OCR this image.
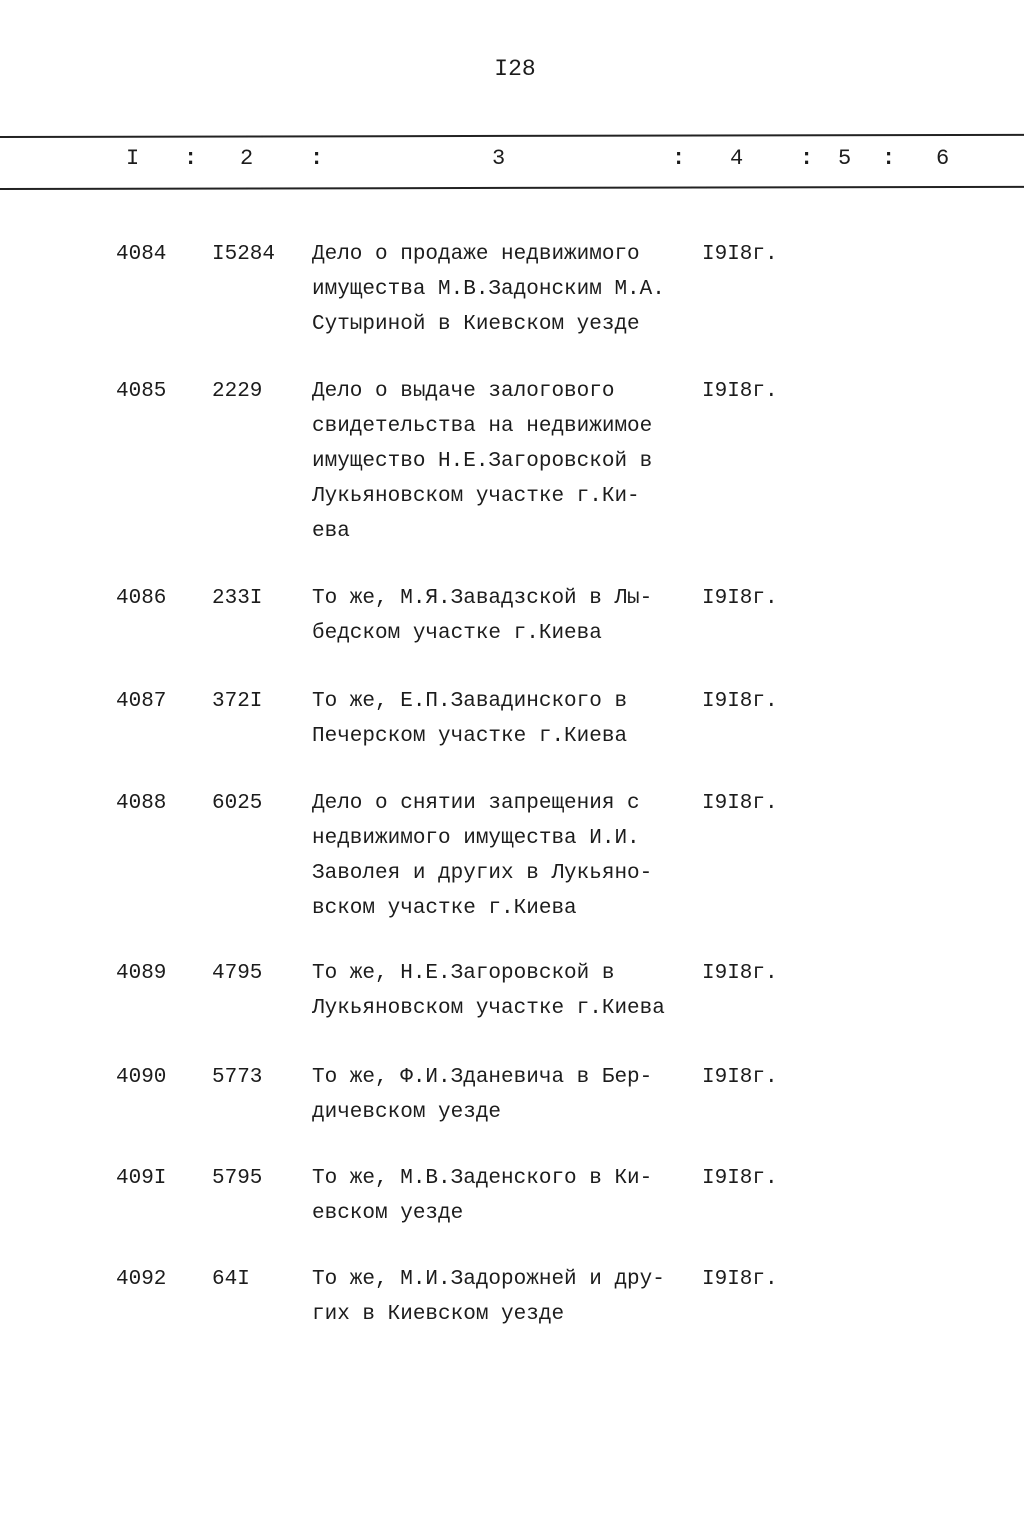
I28
I : 2	:	3	: 4	: 5 : 6
4084 I5284 Дело о продаже недвижимого
имущества М.В.Задонским М.А.
Сутыриной в Киевском уезде
I9I8г.
4085 2229 Дело о выдаче залогового
свидетельства на недвижимое
имущество Н.Е.Загоровской в
Лукьяновском участке г.Ки-
ева
I9I8г.
4086 233I То же, М.Я.Завадзской в Лы-
бедском участке г.Киева
I9I8г.
4087 372I То же, Е.П.Завадинского в
Печерском участке г.Киева
I9I8г.
4088 6025 Дело о снятии запрещения с
недвижимого имущества И.И.
Заволея и других в Лукьяно-
вском участке г.Киева
I9I8г.
4089 4795 То же, Н.Е.Загоровской в
Лукьяновском участке г.Киева
I9I8г.
4090 5773 То же, Ф.И.Зданевича в Бер-
дичевском уезде
I9I8г.
409I 5795 То же, М.В.Заденского в Ки-
евском уезде
I9I8г.
4092 64I	То же, М.И.Задорожней и дру-
гих в Киевском уезде
I9I8г.
